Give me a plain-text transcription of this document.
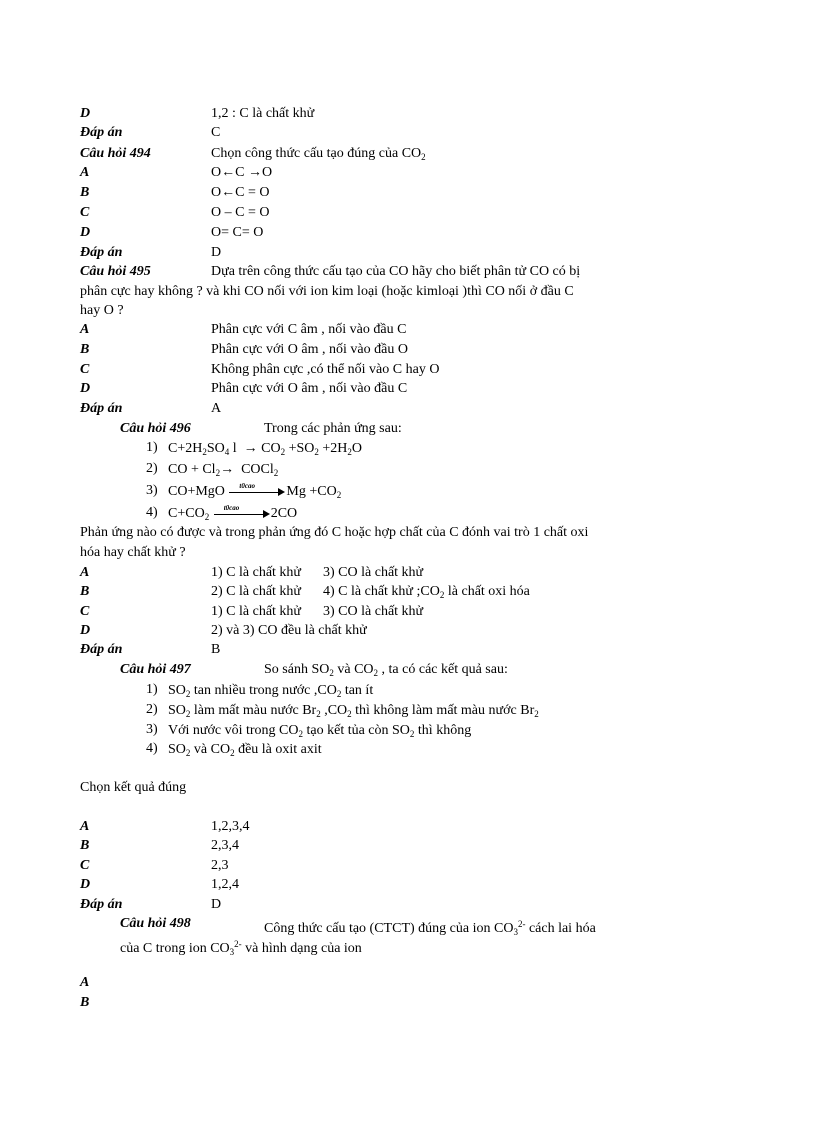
D	1,2 : C là chất khử
Đáp án	C
Câu hỏi 494	Chọn công thức cấu tạo đúng của $CO_2$
A	O←C →O
B	O←C = O
C	O – C = O
D	O= C= O
Đáp án	D
Câu hỏi 495	Dựa trên công thức cấu tạo của CO hãy cho biết phân tử CO có bị
phân cực hay không ? và khi CO nối với ion kim loại (hoặc kimloại )thì CO nối ở đầu C
hay O ?
A	Phân cực với C âm , nối vào đầu C
B	Phân cực với O âm , nối vào đầu O
C	Không phân cực ,có thể nối vào C hay O
D	Phân cực với O âm , nối vào đầu C
Đáp án	A
Câu hỏi 496	Trong các phản ứng sau:
1) $C+2H_2SO_4$ $l \to CO_2 +SO_2 +2H_2O$
2) CO + $Cl_2\to$  COCl$_2$
3) CO+MgO t0cao $Mg +CO_2$
4) $C+CO_2$
t0cao 2CO
Phản ứng nào có được và trong phản ứng đó C hoặc hợp chất của C đónh vai trò 1 chất oxi
hóa hay chất khử ?
A	1) C là chất khử 3) CO là chất khử
B	2) C là chất khử 4) C là chất khử $;CO_2$ là chất oxi hóa
C	1) C là chất khử 3) CO là chất khử
D	2) và 3) CO đều là chất khử
Đáp án	B
Câu hỏi 497	So sánh $SO_2$ và $CO_2$ , ta có các kết quả sau:
1) $SO_2$ tan nhiều trong nước $,CO_2$ tan ít
2) $SO_2$ làm mất màu nước $Br_2$ $,CO_2$ thì không làm mất màu nước $Br_2$
3) Với nước vôi trong $CO_2$ tạo kết tủa còn $SO_2$ thì không
4) $SO_2$ và $CO_2$ đều là oxit axit
Chọn kết quả đúng
A	1,2,3,4
B	2,3,4
C	2,3
D	1,2,4
Đáp án	D
Câu hỏi 498	Công thức cấu tạo (CTCT) đúng của ion $CO_3^{2-}$ cách lai hóa
của C trong ion $CO_3^{2-}$ và hình dạng của ion
A
B
